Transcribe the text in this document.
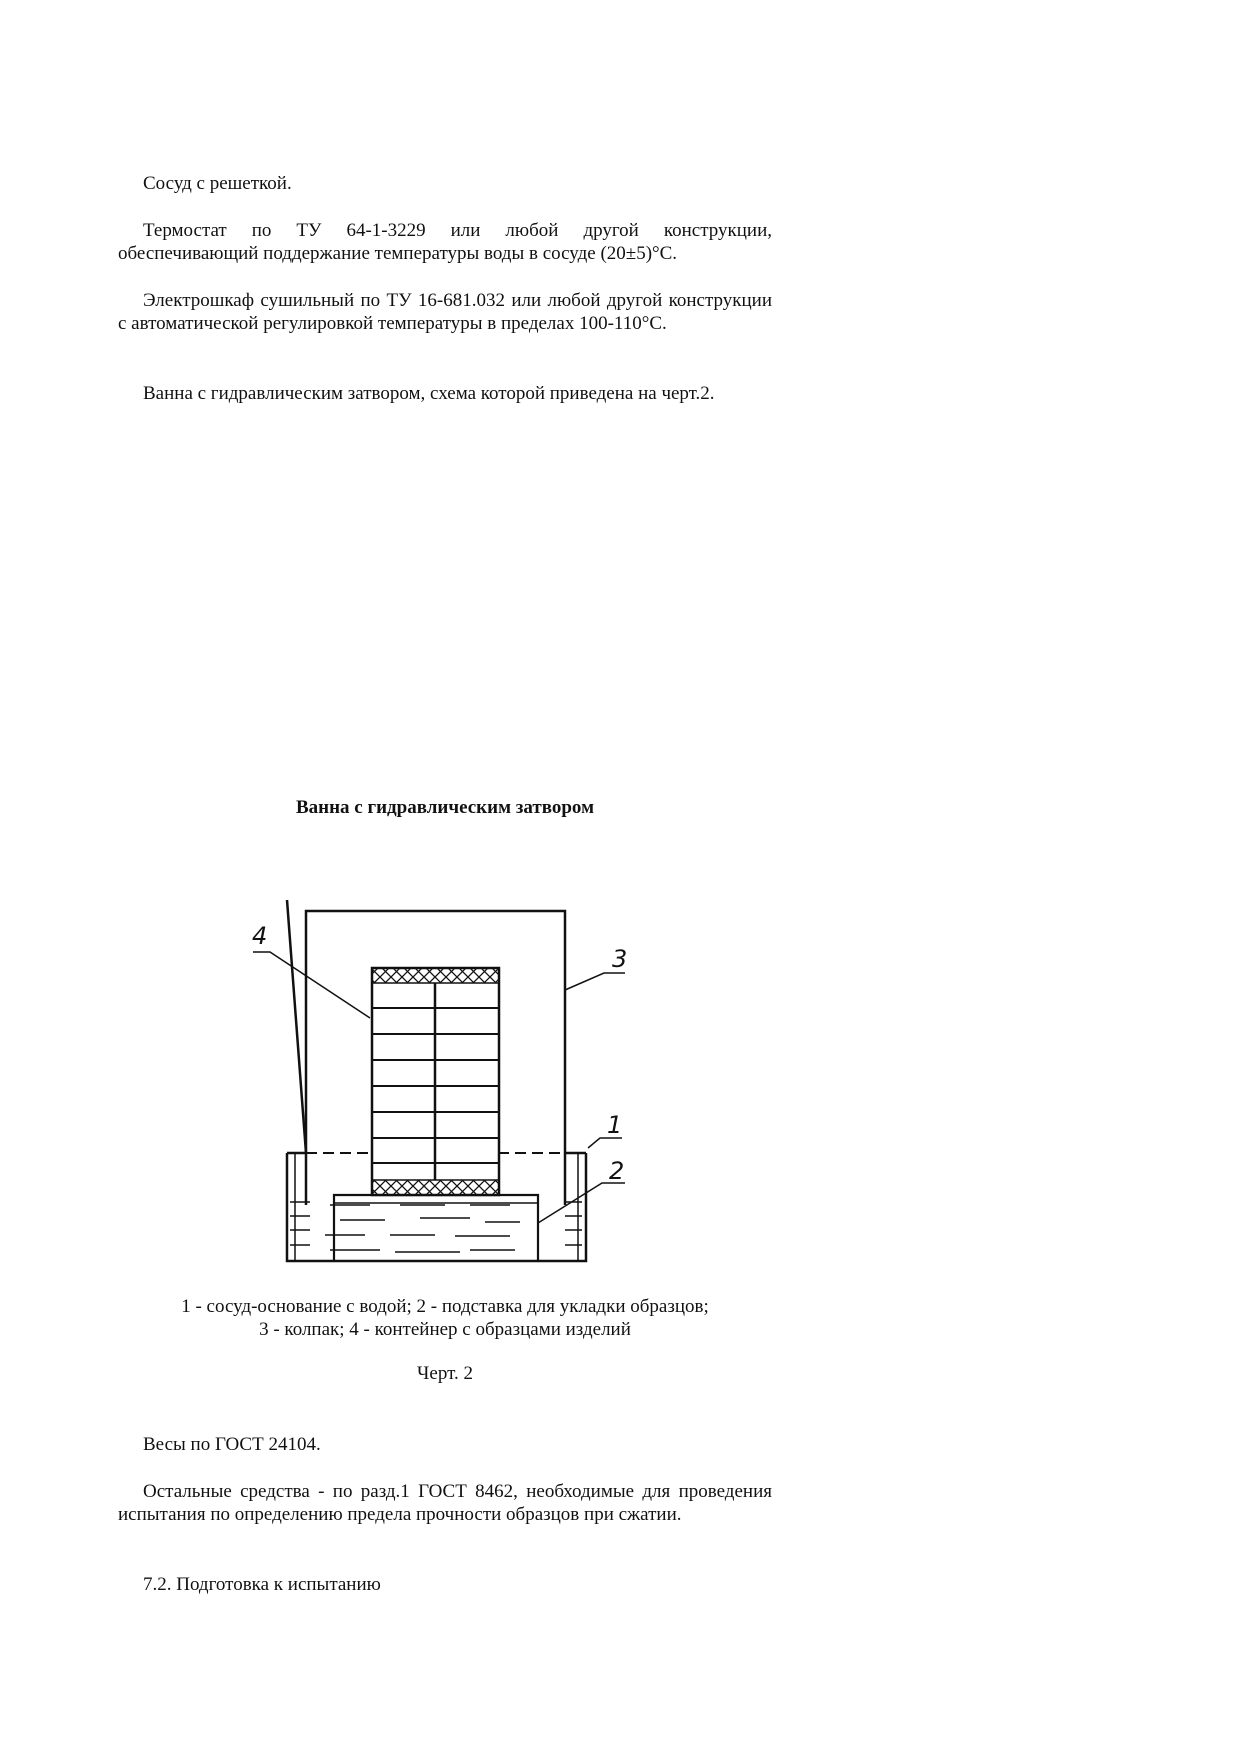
Сосуд с решеткой.

Термостат по ТУ 64-1-3229 или любой другой конструкции, обеспечивающий поддержание температуры воды в сосуде (20±5)°С.

Электрошкаф сушильный по ТУ 16-681.032 или любой другой конструкции с автоматической регулировкой температуры в пределах 100-110°С.

Ванна с гидравлическим затвором, схема которой приведена на черт.2.

Ванна с гидравлическим затвором

4
3
1
2
1 - сосуд-основание с водой; 2 - подставка для укладки образцов;
3 - колпак; 4 - контейнер с образцами изделий

Черт. 2

Весы по ГОСТ 24104.

Остальные средства - по разд.1 ГОСТ 8462, необходимые для проведения испытания по определению предела прочности образцов при сжатии.

7.2. Подготовка к испытанию
